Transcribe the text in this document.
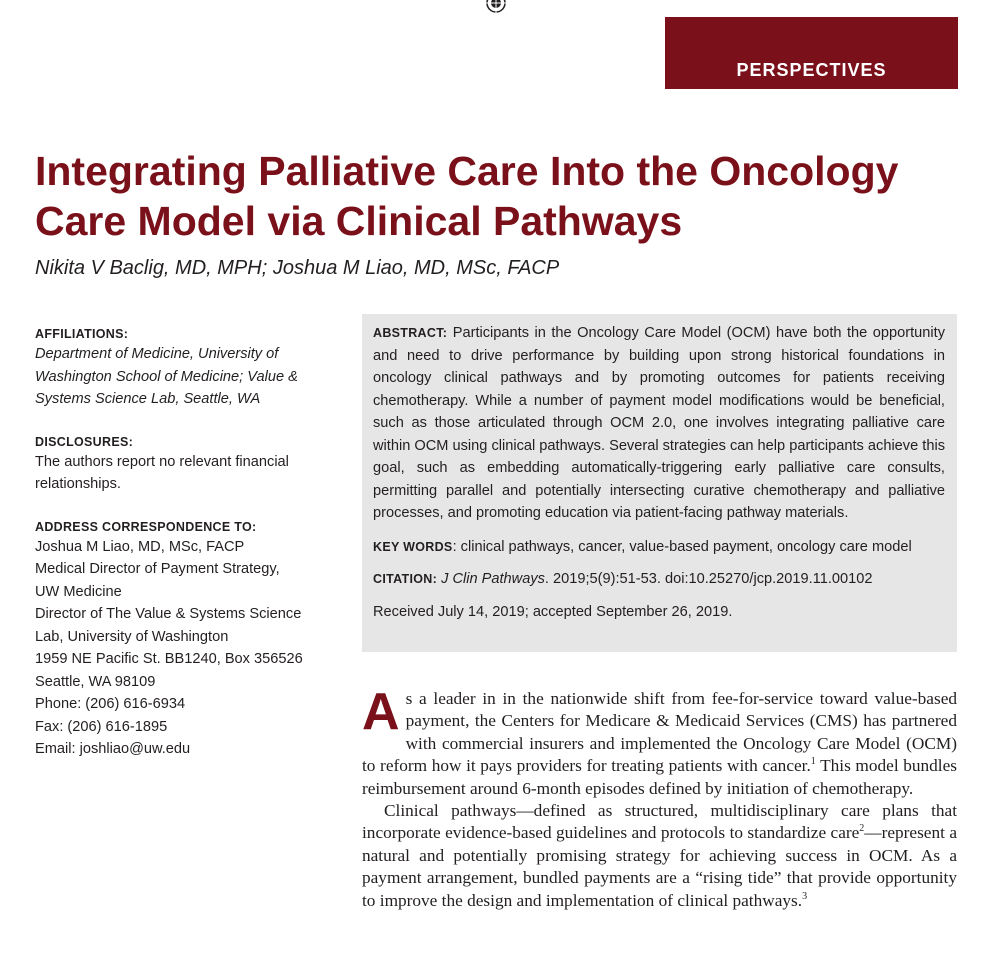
PERSPECTIVES
Integrating Palliative Care Into the Oncology Care Model via Clinical Pathways

Nikita V Baclig, MD, MPH; Joshua M Liao, MD, MSc, FACP

AFFILIATIONS:
Department of Medicine, University of Washington School of Medicine; Value & Systems Science Lab, Seattle, WA
DISCLOSURES:
The authors report no relevant financial relationships.
ADDRESS CORRESPONDENCE TO:
Joshua M Liao, MD, MSc, FACP
Medical Director of Payment Strategy,
UW Medicine
Director of The Value & Systems Science
Lab, University of Washington
1959 NE Pacific St. BB1240, Box 356526
Seattle, WA 98109
Phone: (206) 616-6934
Fax: (206) 616-1895
Email: joshliao@uw.edu
ABSTRACT: Participants in the Oncology Care Model (OCM) have both the opportunity and need to drive performance by building upon strong historical foundations in oncology clinical pathways and by promoting outcomes for patients receiving chemotherapy. While a number of payment model modifications would be beneficial, such as those articulated through OCM 2.0, one involves integrating palliative care within OCM using clinical pathways. Several strategies can help participants achieve this goal, such as embedding automatically-triggering early palliative care consults, permitting parallel and potentially intersecting curative chemotherapy and palliative processes, and promoting education via patient-facing pathway materials.
KEY WORDS: clinical pathways, cancer, value-based payment, oncology care model
CITATION: J Clin Pathways. 2019;5(9):51-53. doi:10.25270/jcp.2019.11.00102
Received July 14, 2019; accepted September 26, 2019.

As a leader in in the nationwide shift from fee-for-service toward value-based payment, the Centers for Medicare & Medicaid Services (CMS) has partnered with commercial insurers and implemented the Oncology Care Model (OCM) to reform how it pays providers for treating patients with cancer.$^1$ This model bundles reimbursement around 6-month episodes defined by initiation of chemotherapy.

Clinical pathways—defined as structured, multidisciplinary care plans that incorporate evidence-based guidelines and protocols to standardize care$^2$—represent a natural and potentially promising strategy for achieving success in OCM. As a payment arrangement, bundled payments are a “rising tide” that provide opportunity to improve the design and implementation of clinical pathways.$^3$
